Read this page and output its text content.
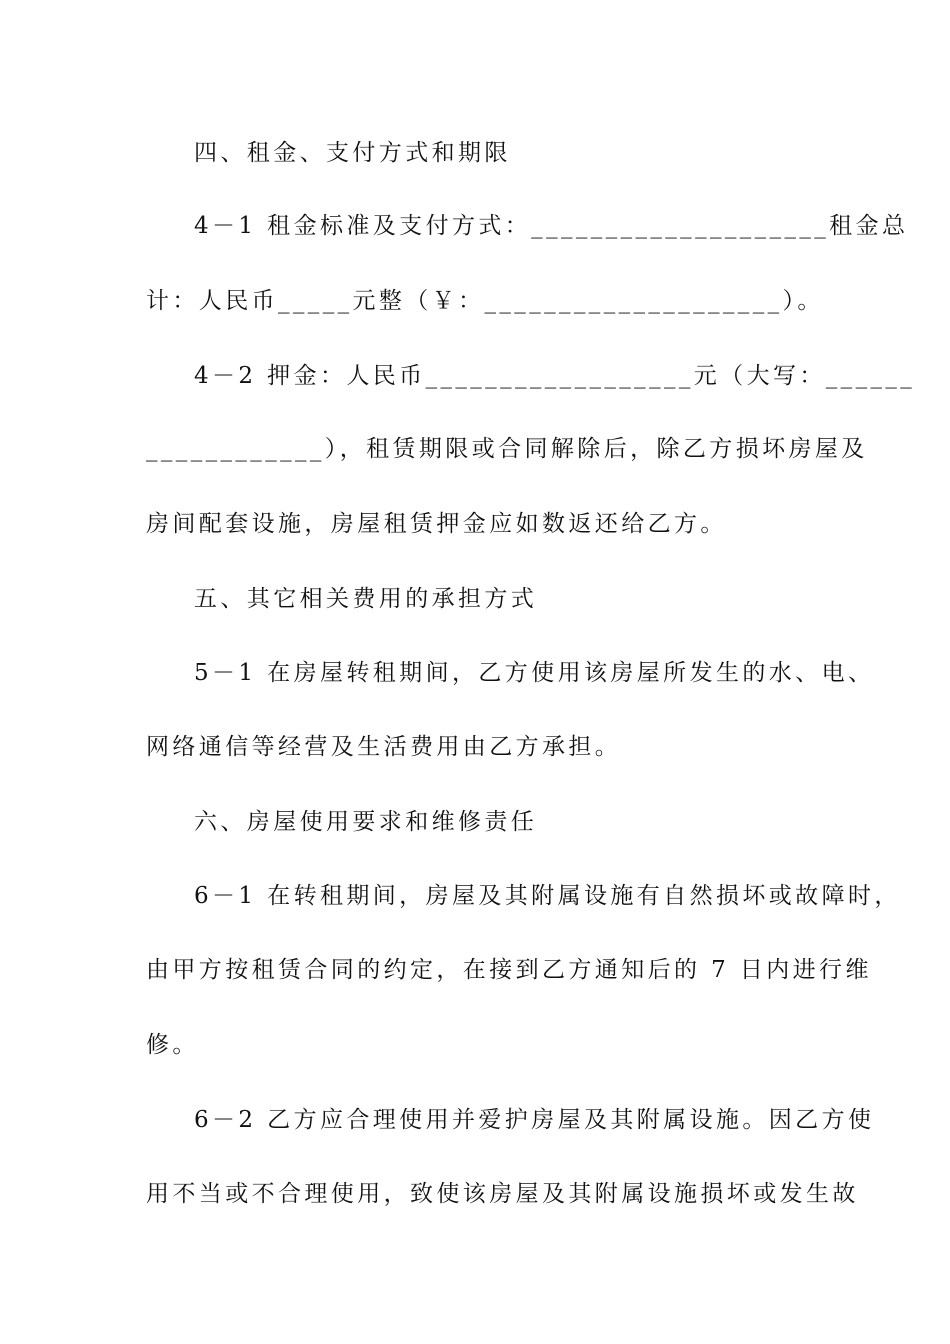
四、租金、支付方式和期限
4－1 租金标准及支付方式：____________________租金总
计：人民币_____元整（￥：____________________）。
4－2 押金：人民币__________________元（大写：______
____________），租赁期限或合同解除后，除乙方损坏房屋及
房间配套设施，房屋租赁押金应如数返还给乙方。
五、其它相关费用的承担方式
5－1 在房屋转租期间，乙方使用该房屋所发生的水、电、
网络通信等经营及生活费用由乙方承担。
六、房屋使用要求和维修责任
6－1 在转租期间，房屋及其附属设施有自然损坏或故障时，
由甲方按租赁合同的约定，在接到乙方通知后的 7 日内进行维
修。
6－2 乙方应合理使用并爱护房屋及其附属设施。因乙方使
用不当或不合理使用，致使该房屋及其附属设施损坏或发生故
